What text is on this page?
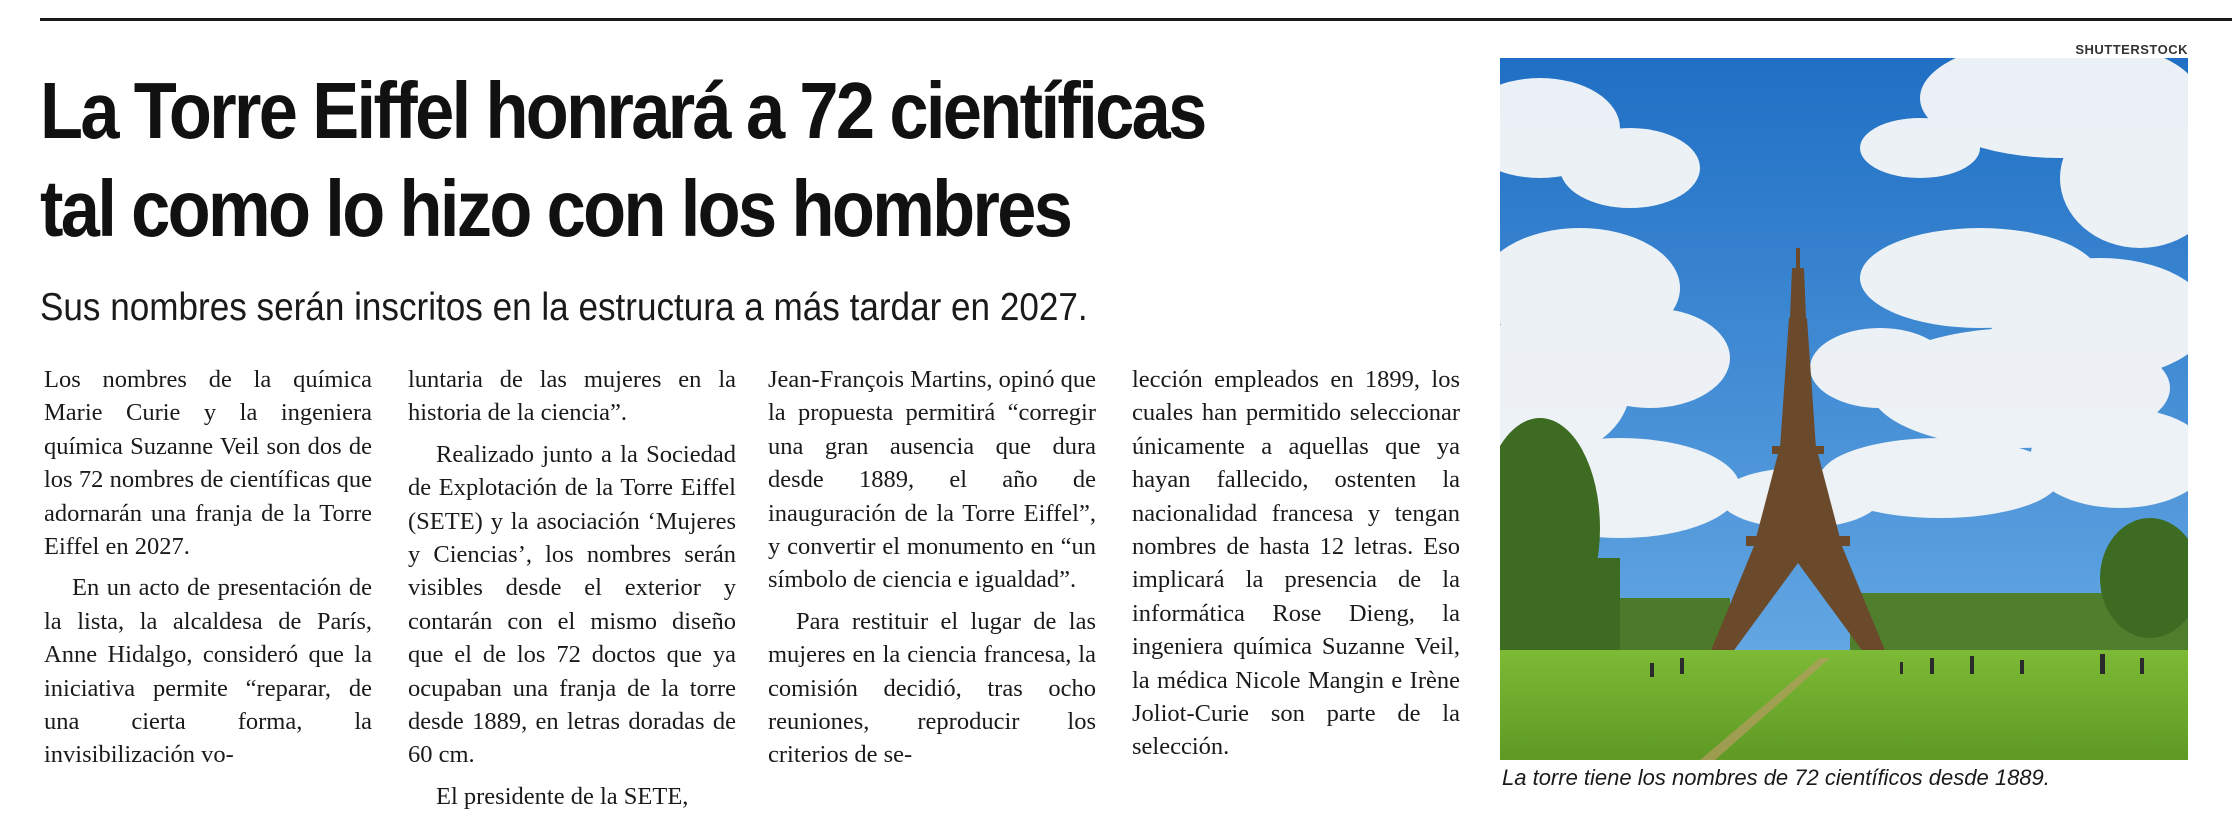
La Torre Eiffel honrará a 72 científicas
tal como lo hizo con los hombres
Sus nombres serán inscritos en la estructura a más tardar en 2027.

Los nombres de la química Marie Curie y la ingeniera química Suzanne Veil son dos de los 72 nombres de científicas que adornarán una franja de la Torre Eiffel en 2027.

En un acto de presentación de la lista, la alcaldesa de París, Anne Hidalgo, consideró que la iniciativa permite “reparar, de una cierta forma, la invisibilización vo-

luntaria de las mujeres en la historia de la ciencia”.

Realizado junto a la Sociedad de Explotación de la Torre Eiffel (SETE) y la asociación ‘Mujeres y Ciencias’, los nombres serán visibles desde el exterior y contarán con el mismo diseño que el de los 72 doctos que ya ocupaban una franja de la torre desde 1889, en letras doradas de 60 cm.

El presidente de la SETE,

Jean-François Martins, opinó que la propuesta permitirá “corregir una gran ausencia que dura desde 1889, el año de inauguración de la Torre Eiffel”, y convertir el monumento en “un símbolo de ciencia e igualdad”.

Para restituir el lugar de las mujeres en la ciencia francesa, la comisión decidió, tras ocho reuniones, reproducir los criterios de se-

lección empleados en 1899, los cuales han permitido seleccionar únicamente a aquellas que ya hayan fallecido, ostenten la nacionalidad francesa y tengan nombres de hasta 12 letras. Eso implicará la presencia de la informática Rose Dieng, la ingeniera química Suzanne Veil, la médica Nicole Mangin e Irène Joliot-Curie son parte de la selección.

SHUTTERSTOCK
La torre tiene los nombres de 72 científicos desde 1889.
